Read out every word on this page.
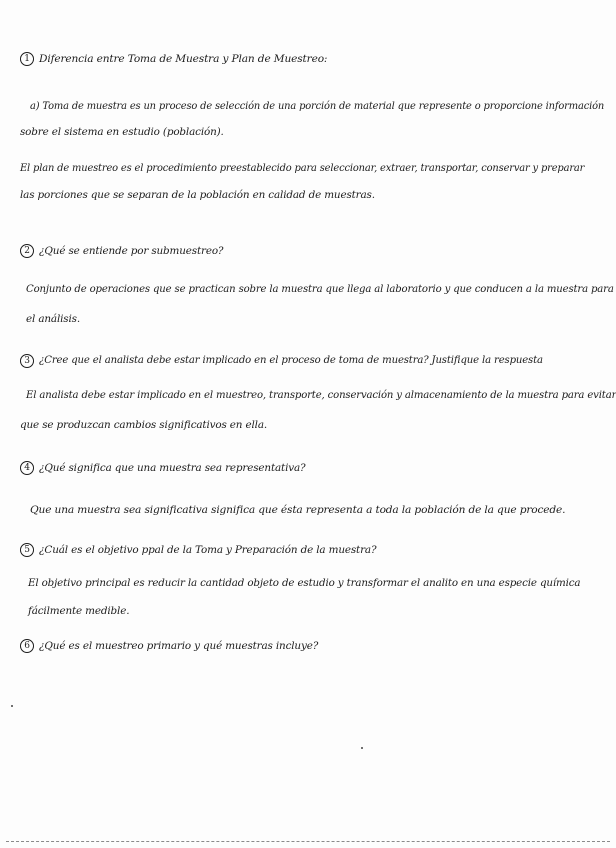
1 Diferencia entre Toma de Muestra y Plan de Muestreo:
a) Toma de muestra es un proceso de selección de una porción de material que represente o proporcione información
sobre el sistema en estudio (población).
El plan de muestreo es el procedimiento preestablecido para seleccionar, extraer, transportar, conservar y preparar
las porciones que se separan de la población en calidad de muestras.
2 ¿Qué se entiende por submuestreo?
Conjunto de operaciones que se practican sobre la muestra que llega al laboratorio y que conducen a la muestra para
el análisis.
3 ¿Cree que el analista debe estar implicado en el proceso de toma de muestra? Justifique la respuesta
El analista debe estar implicado en el muestreo, transporte, conservación y almacenamiento de la muestra para evitar
que se produzcan cambios significativos en ella.
4 ¿Qué significa que una muestra sea representativa?
Que una muestra sea significativa significa que ésta representa a toda la población de la que procede.
5 ¿Cuál es el objetivo ppal de la Toma y Preparación de la muestra?
El objetivo principal es reducir la cantidad objeto de estudio y transformar el analito en una especie química
fácilmente medible.
6 ¿Qué es el muestreo primario y qué muestras incluye?
